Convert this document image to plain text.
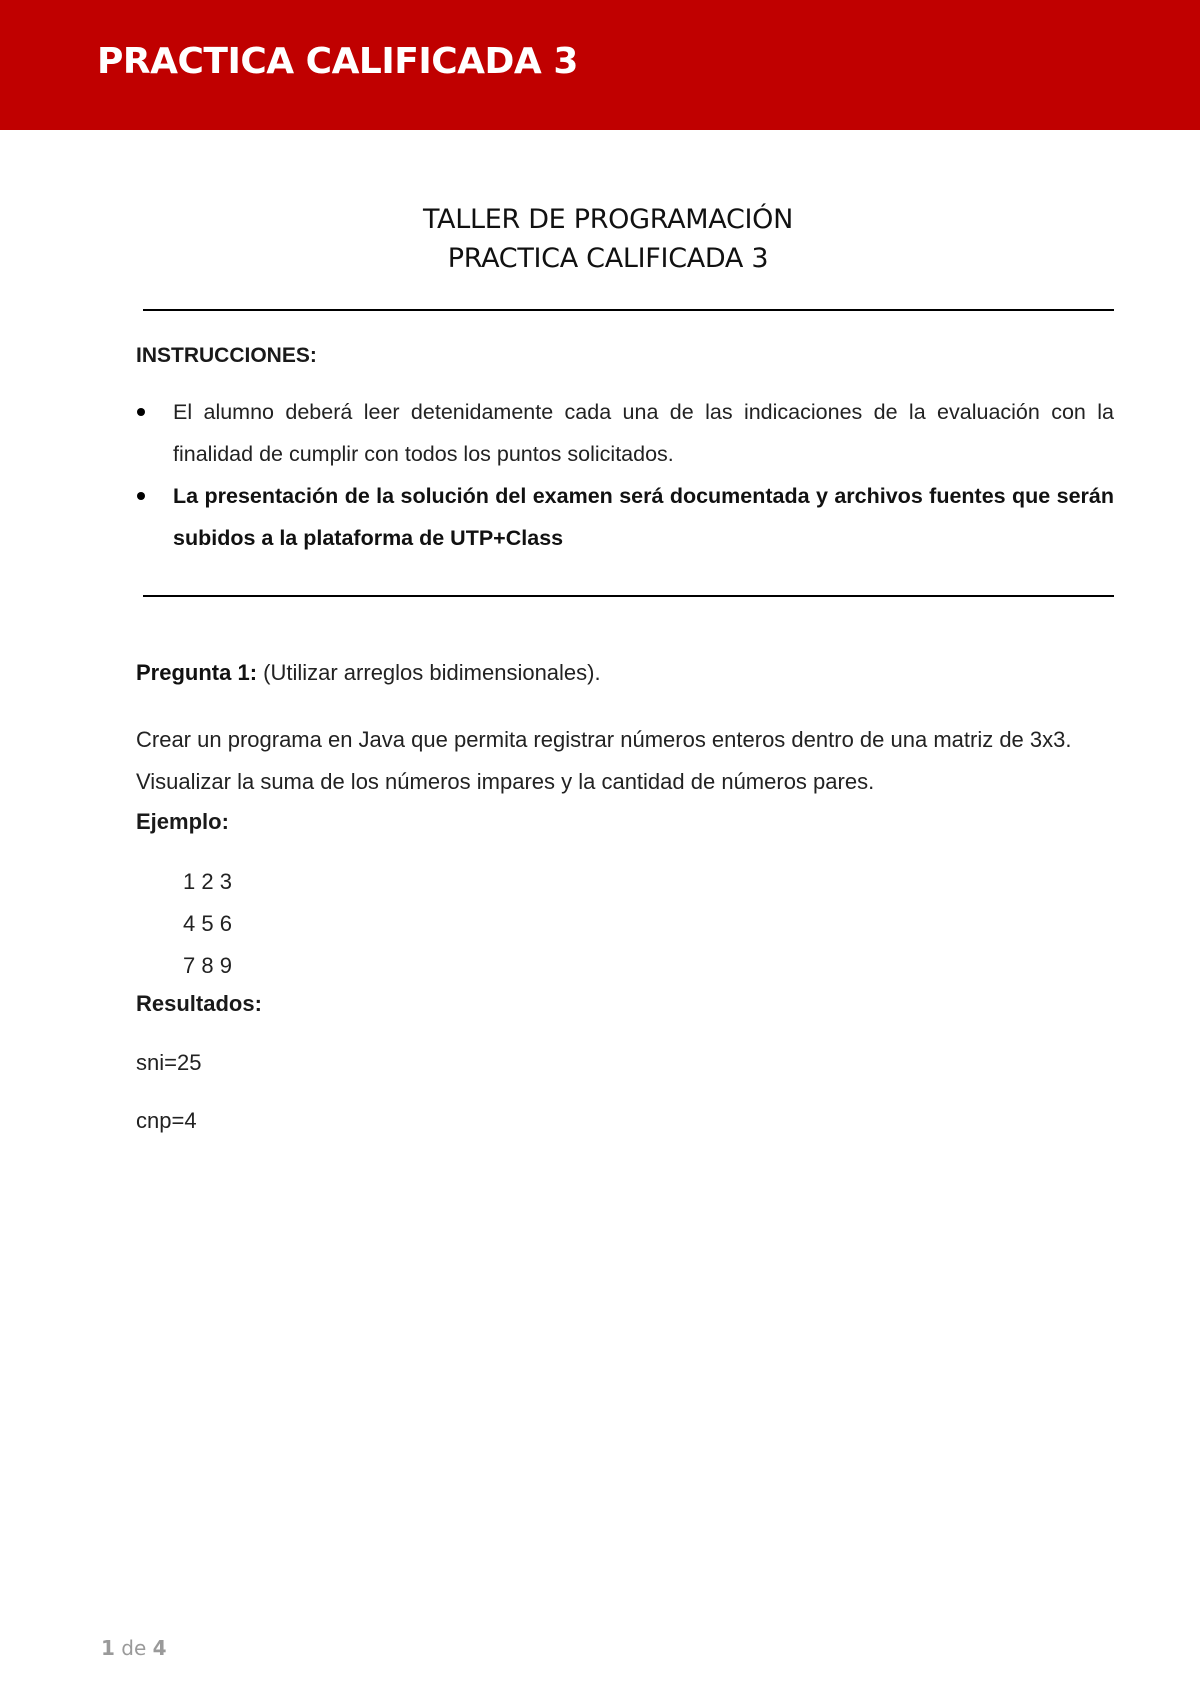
PRACTICA CALIFICADA 3
TALLER DE PROGRAMACIÓN
PRACTICA CALIFICADA 3
INSTRUCCIONES:
El alumno deberá leer detenidamente cada una de las indicaciones de la evaluación con la finalidad de cumplir con todos los puntos solicitados.
La presentación de la solución del examen será documentada y archivos fuentes que serán subidos a la plataforma de UTP+Class

Pregunta 1: (Utilizar arreglos bidimensionales).

Crear un programa en Java que permita registrar números enteros dentro de una matriz de 3x3. Visualizar la suma de los números impares y la cantidad de números pares.

Ejemplo:

1 2 3
4 5 6
7 8 9

Resultados:

sni=25

cnp=4

1 de 4
